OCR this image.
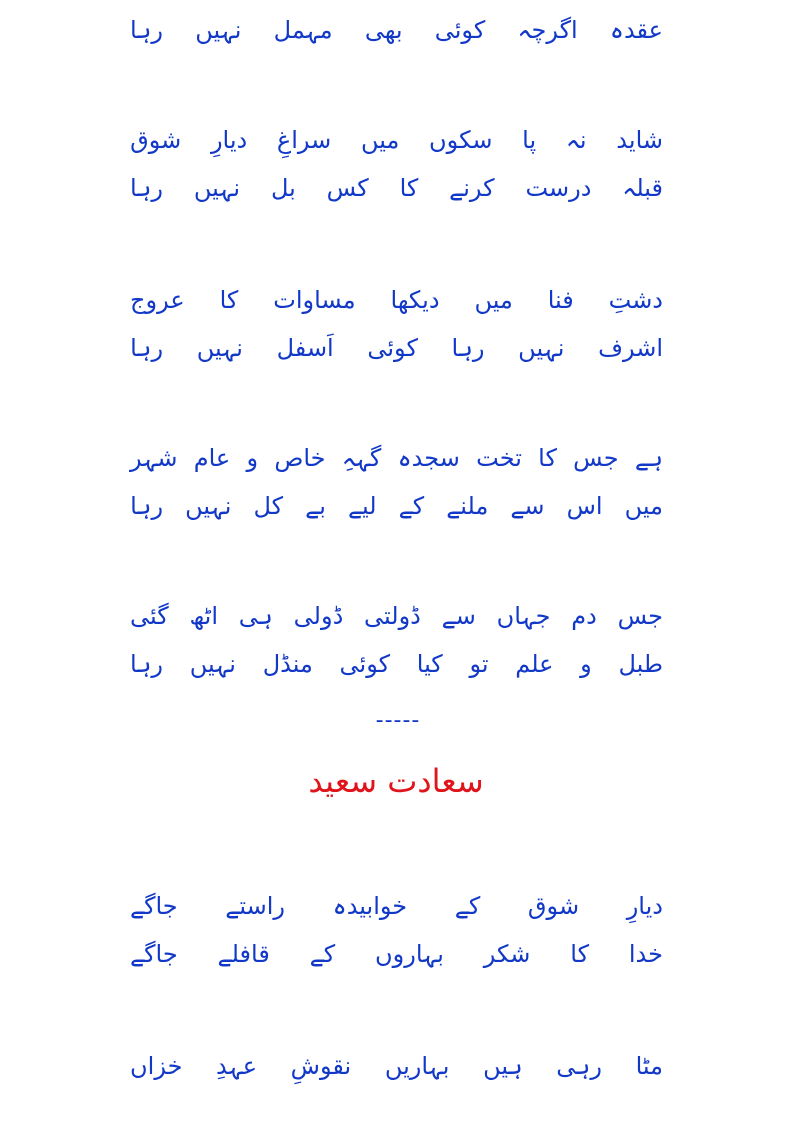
عقدہ
اگرچہ
کوئی
بھی
مہمل
نہیں
رہا
شاید
نہ
پا
سکوں
میں
سراغِ
دیارِ
شوق
قبلہ
درست
کرنے
کا
کس
بل
نہیں
رہا
دشتِ
فنا
میں
دیکھا
مساوات
کا
عروج
اشرف
نہیں
رہا
کوئی
اَسفل
نہیں
رہا
ہے
جس
کا
تخت
سجدہ
گہہِ
خاص
و
عام
شہر
میں
اس
سے
ملنے
کے
لیے
بے
کل
نہیں
رہا
جس
دم
جہاں
سے
ڈولتی
ڈولی
ہی
اٹھ
گئی
طبل
و
علم
تو
کیا
کوئی
منڈل
نہیں
رہا
-----
سعادت سعید
دیارِ
شوق
کے
خوابیدہ
راستے
جاگے
خدا
کا
شکر
بہاروں
کے
قافلے
جاگے
مٹا
رہی
ہیں
بہاریں
نقوشِ
عہدِ
خزاں
